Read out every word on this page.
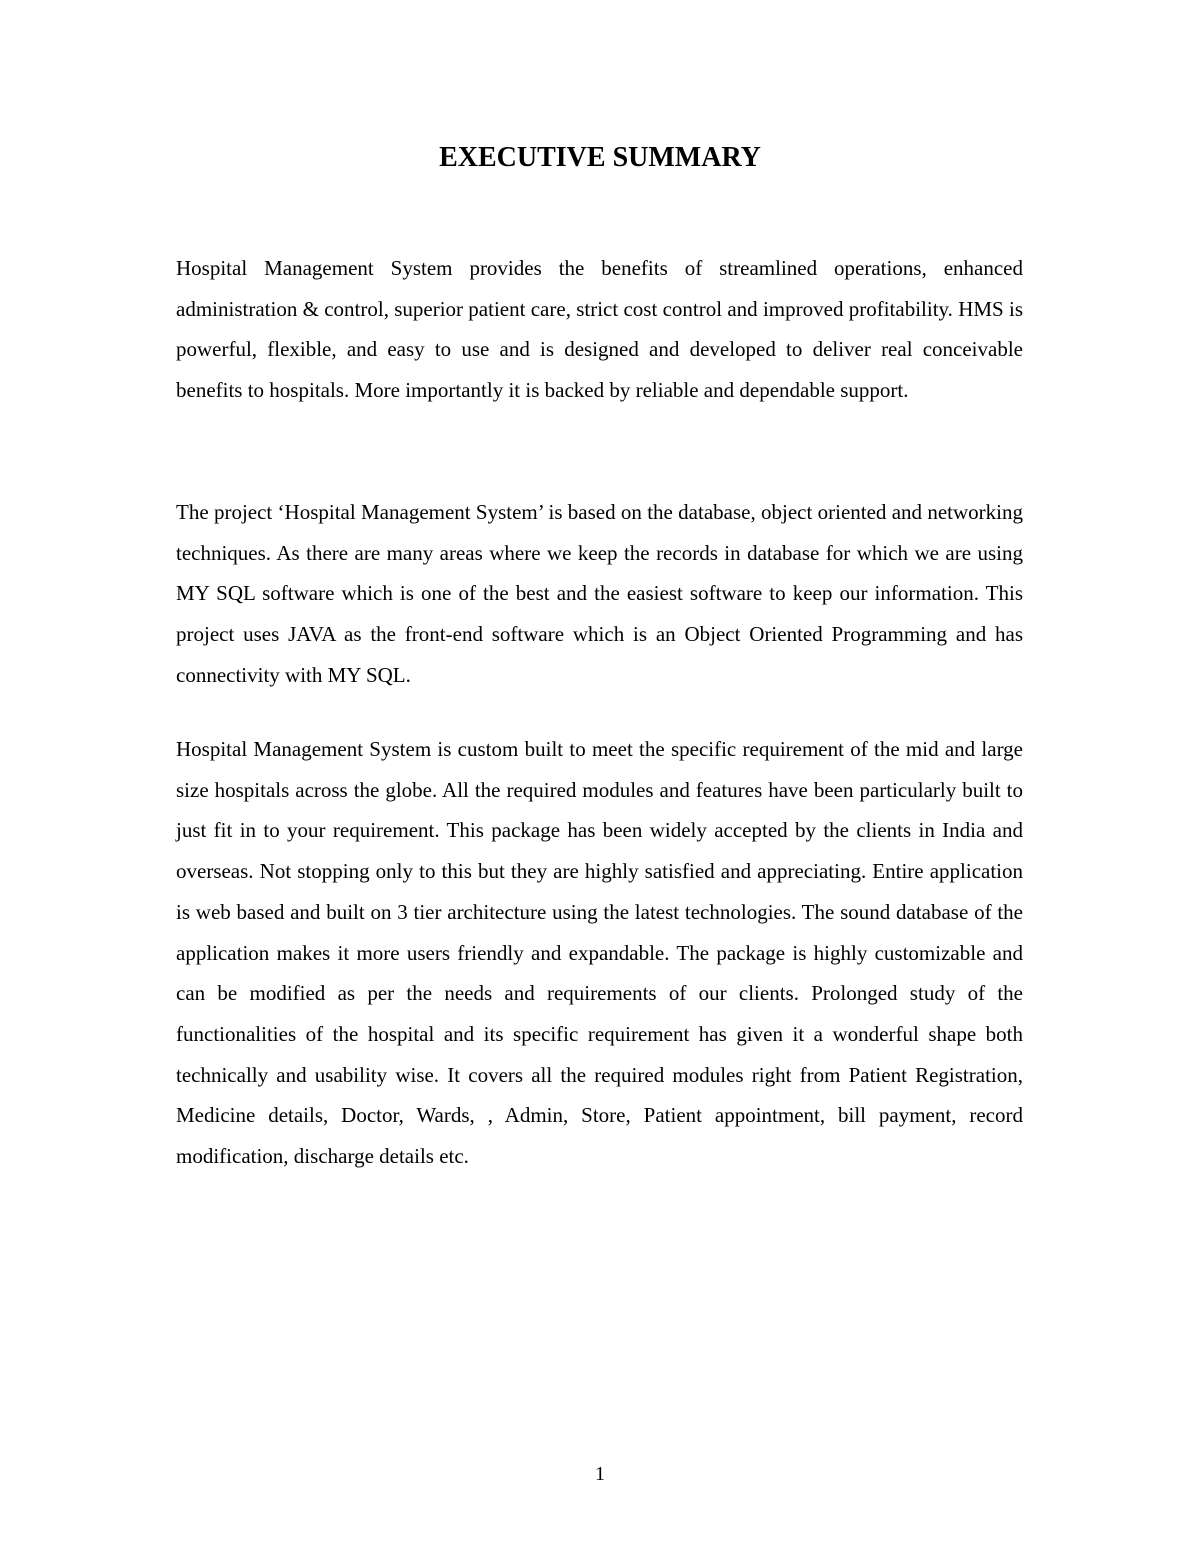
EXECUTIVE SUMMARY

Hospital Management System provides the benefits of streamlined operations, enhanced administration & control, superior patient care, strict cost control and improved profitability. HMS is powerful, flexible, and easy to use and is designed and developed to deliver real conceivable benefits to hospitals. More importantly it is backed by reliable and dependable support.

The project ‘Hospital Management System’ is based on the database, object oriented and networking techniques. As there are many areas where we keep the records in database for which we are using MY SQL software which is one of the best and the easiest software to keep our information. This project uses JAVA as the front-end software which is an Object Oriented Programming and has connectivity with MY SQL.

Hospital Management System is custom built to meet the specific requirement of the mid and large size hospitals across the globe. All the required modules and features have been particularly built to just fit in to your requirement. This package has been widely accepted by the clients in India and overseas. Not stopping only to this but they are highly satisfied and appreciating. Entire application is web based and built on 3 tier architecture using the latest technologies. The sound database of the application makes it more users friendly and expandable. The package is highly customizable and can be modified as per the needs and requirements of our clients. Prolonged study of the functionalities of the hospital and its specific requirement has given it a wonderful shape both technically and usability wise. It covers all the required modules right from Patient Registration, Medicine details, Doctor, Wards, , Admin, Store, Patient appointment, bill payment, record modification, discharge details etc.

1
